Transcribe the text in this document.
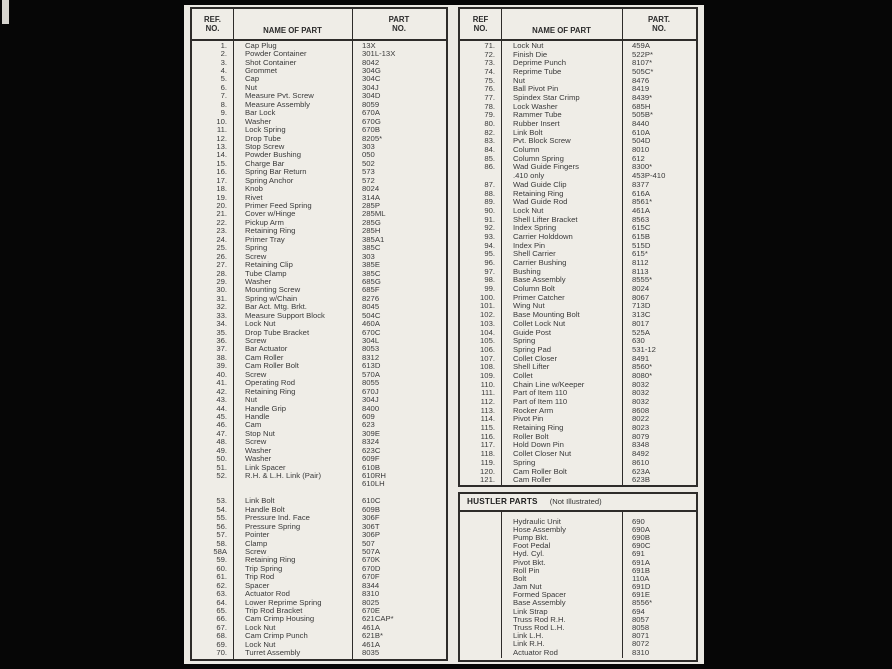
REF.
NO.	NAME OF PART
PART
NO.
1.	Cap Plug	13X
2.	Powder Container	301L-13X
3.	Shot Container	8042
4.	Grommet	304G
5.	Cap	304C
6.	Nut	304J
7.	Measure Pvt. Screw	304D
8.	Measure Assembly	8059
9.	Bar Lock	670A
10.	Washer	670G
11.	Lock Spring	670B
12.	Drop Tube	8205*
13.	Stop Screw	303
14.	Powder Bushing	050
15.	Charge Bar	502
16.	Spring Bar Return	573
17.	Spring Anchor	572
18.	Knob	8024
19.	Rivet	314A
20.	Primer Feed Spring	285P
21.	Cover w/Hinge	285ML
22.	Pickup Arm	285G
23.	Retaining Ring	285H
24.	Primer Tray	385A1
25.	Spring	385C
26.	Screw	303
27.	Retaining Clip	385E
28.	Tube Clamp	385C
29.	Washer	685G
30.	Mounting Screw	685F
31.	Spring w/Chain	8276
32.	Bar Act. Mtg. Brkt.	8045
33.	Measure Support Block	504C
34.	Lock Nut	460A
35.	Drop Tube Bracket	670C
36.	Screw	304L
37.	Bar Actuator	8053
38.	Cam Roller	8312
39.	Cam Roller Bolt	613D
40.	Screw	570A
41.	Operating Rod	8055
42.	Retaining Ring	670J
43.	Nut	304J
44.	Handle Grip	8400
45.	Handle	609
46.	Cam	623
47.	Stop Nut	309E
48.	Screw	8324
49.	Washer	623C
50.	Washer	609F
51.	Link Spacer	610B
52.	R.H. & L.H. Link (Pair)	610RH
610LH
53.	Link Bolt	610C
54.	Handle Bolt	609B
55.	Pressure Ind. Face	306F
56.	Pressure Spring	306T
57.	Pointer	306P
58.	Clamp	507
58A	Screw	507A
59.	Retaining Ring	670K
60.	Trip Spring	670D
61.	Trip Rod	670F
62.	Spacer	8344
63.	Actuator Rod	8310
64.	Lower Reprime Spring	8025
65.	Trip Rod Bracket	670E
66.	Cam Crimp Housing	621CAP*
67.	Lock Nut	461A
68.	Cam Crimp Punch	621B*
69.	Lock Nut	461A
70.	Turret Assembly	8035
REF
NO.	NAME OF PART
PART.
NO.
71.	Lock Nut	459A
72.	Finish Die	522P*
73.	Deprime Punch	8107*
74.	Reprime Tube	505C*
75.	Nut	8476
76.	Ball Pivot Pin	8419
77.	Spindex Star Crimp	8439*
78.	Lock Washer	685H
79.	Rammer Tube	505B*
80.	Rubber Insert	8440
82.	Link Bolt	610A
83.	Pvt. Block Screw	504D
84.	Column	8010
85.	Column Spring	612
86.	Wad Guide Fingers	8300*
.410 only	453P-410
87.	Wad Guide Clip	8377
88.	Retaining Ring	616A
89.	Wad Guide Rod	8561*
90.	Lock Nut	461A
91.	Shell Lifter Bracket	8563
92.	Index Spring	615C
93.	Carrier Holddown	615B
94.	Index Pin	515D
95.	Shell Carrier	615*
96.	Carrier Bushing	8112
97.	Bushing	8113
98.	Base Assembly	8555*
99.	Column Bolt	8024
100.	Primer Catcher	8067
101.	Wing Nut	713D
102.	Base Mounting Bolt	313C
103.	Collet Lock Nut	8017
104.	Guide Post	525A
105.	Spring	630
106.	Spring Pad	531-12
107.	Collet Closer	8491
108.	Shell Lifter	8560*
109.	Collet	8080*
110.	Chain Line w/Keeper	8032
111.	Part of Item 110	8032
112.	Part of Item 110	8032
113.	Rocker Arm	8608
114.	Pivot Pin	8022
115.	Retaining Ring	8023
116.	Roller Bolt	8079
117.	Hold Down Pin	8348
118.	Collet Closer Nut	8492
119.	Spring	8610
120.	Cam Roller Bolt	623A
121.	Cam Roller	623B
HUSTLER PARTS (Not Illustrated)
Hydraulic Unit	690
Hose Assembly	690A
Pump Bkt.	690B
Foot Pedal	690C
Hyd. Cyl.	691
Pivot Bkt.	691A
Roll Pin	691B
Bolt	110A
Jam Nut	691D
Formed Spacer	691E
Base Assembly	8556*
Link Strap	694
Truss Rod R.H.	8057
Truss Rod L.H.	8058
Link L.H.	8071
Link R.H.	8072
Actuator Rod	8310
